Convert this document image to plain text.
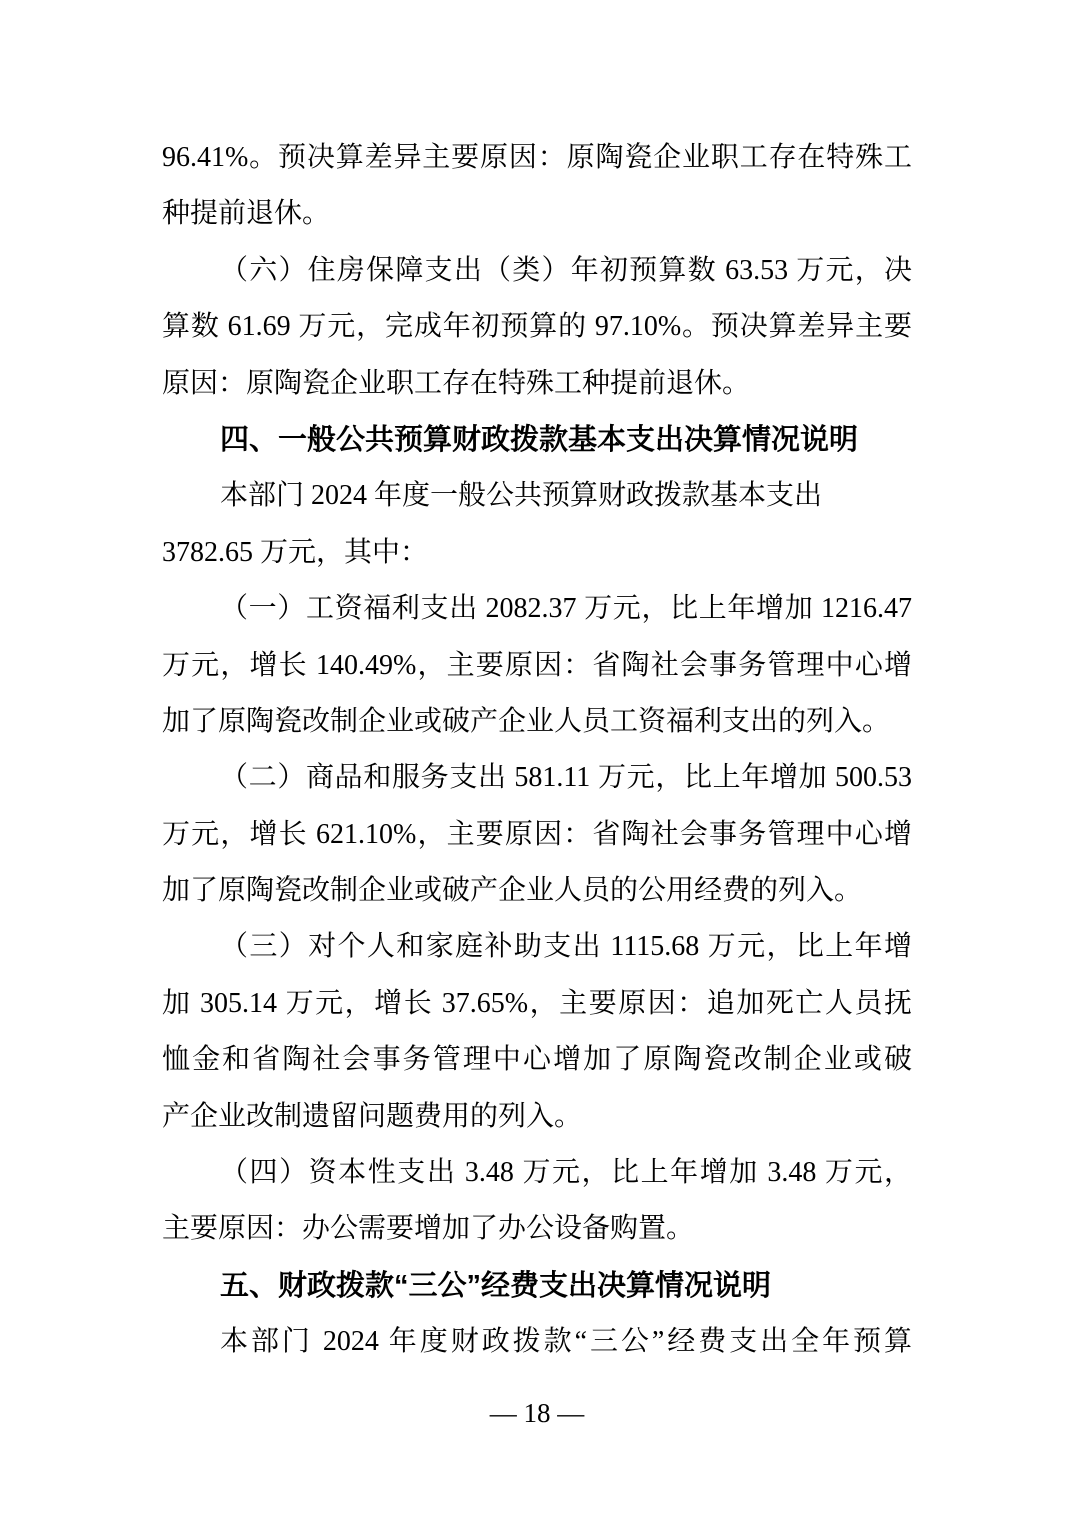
96.41%。预决算差异主要原因：原陶瓷企业职工存在特殊工
种提前退休。
（六）住房保障支出（类）年初预算数 63.53 万元，决
算数 61.69 万元，完成年初预算的 97.10%。预决算差异主要
原因：原陶瓷企业职工存在特殊工种提前退休。
四、一般公共预算财政拨款基本支出决算情况说明
本部门 2024 年度一般公共预算财政拨款基本支出
3782.65 万元，其中：
（一）工资福利支出 2082.37 万元，比上年增加 1216.47
万元，增长 140.49%，主要原因：省陶社会事务管理中心增
加了原陶瓷改制企业或破产企业人员工资福利支出的列入。
（二）商品和服务支出 581.11 万元，比上年增加 500.53
万元，增长 621.10%，主要原因：省陶社会事务管理中心增
加了原陶瓷改制企业或破产企业人员的公用经费的列入。
（三）对个人和家庭补助支出 1115.68 万元，比上年增
加 305.14 万元，增长 37.65%，主要原因：追加死亡人员抚
恤金和省陶社会事务管理中心增加了原陶瓷改制企业或破
产企业改制遗留问题费用的列入。
（四）资本性支出 3.48 万元，比上年增加 3.48 万元，
主要原因：办公需要增加了办公设备购置。
五、财政拨款“三公”经费支出决算情况说明
本部门 2024 年度财政拨款“三公”经费支出全年预算
— 18 —
